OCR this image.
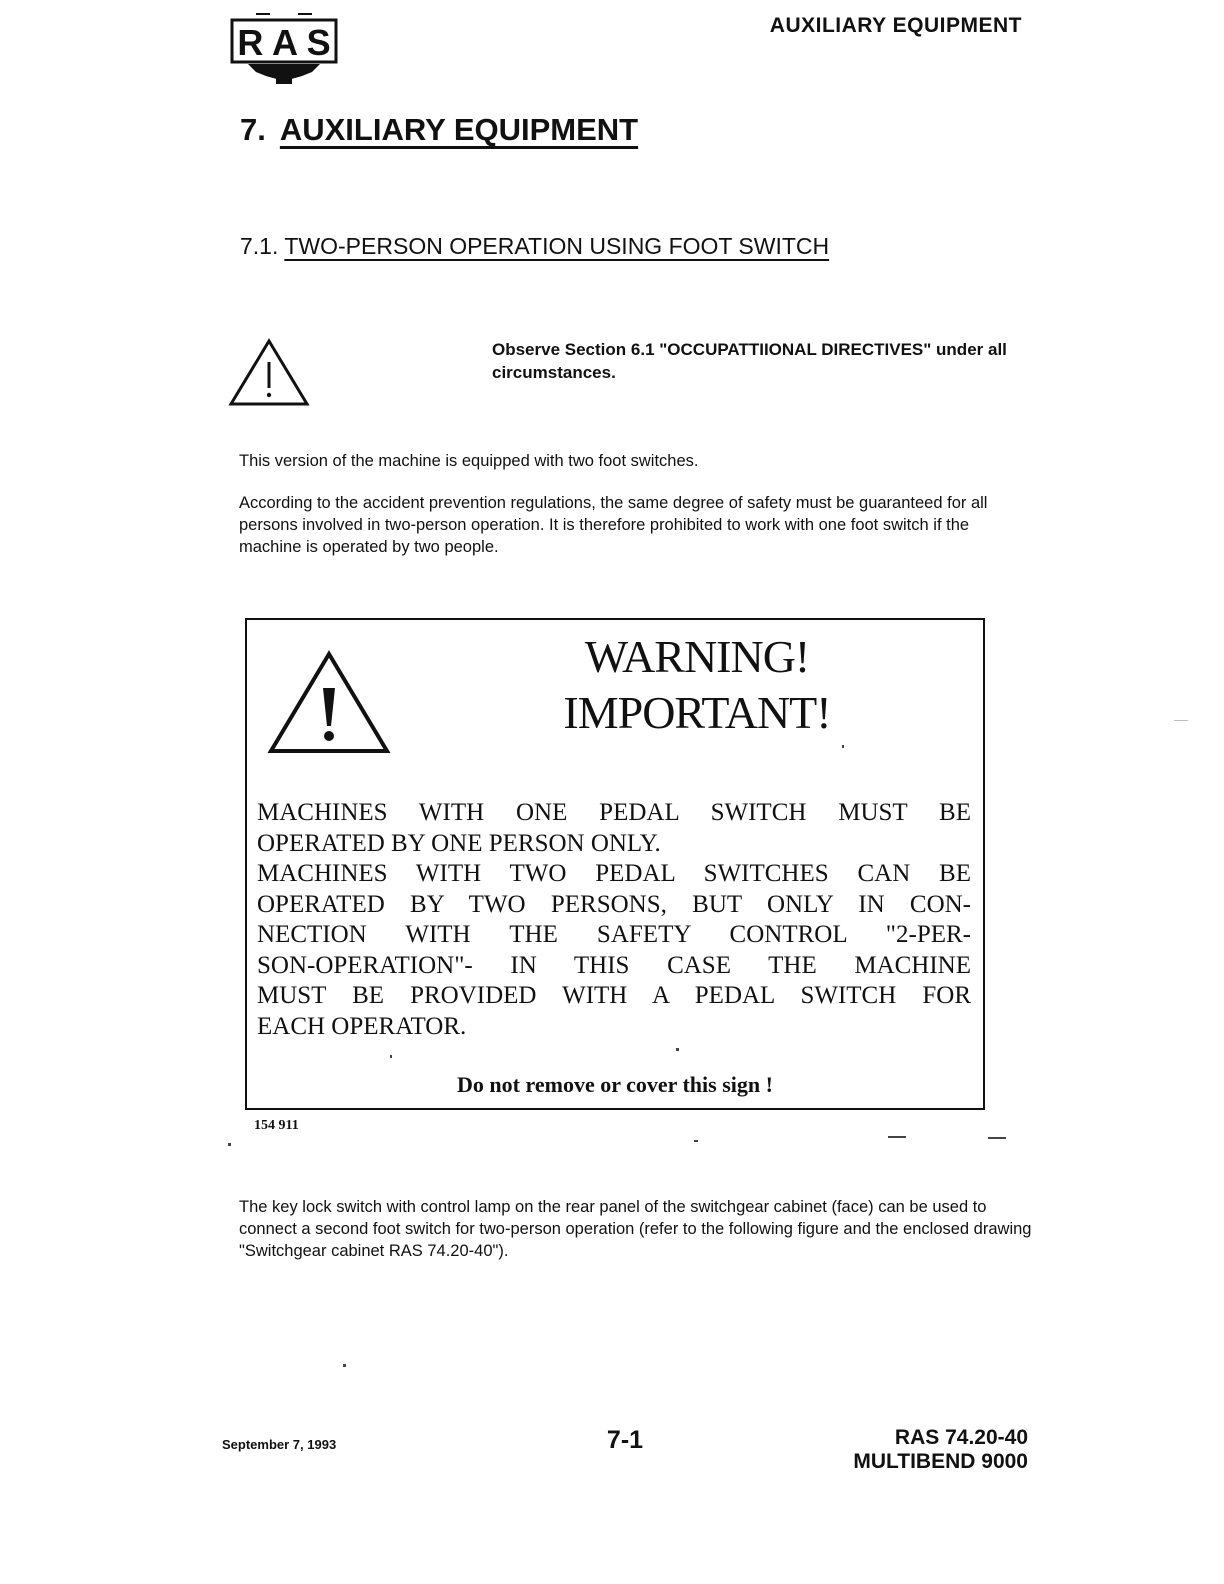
R A S	AUXILIARY EQUIPMENT
7. AUXILIARY EQUIPMENT
7.1. TWO-PERSON OPERATION USING FOOT SWITCH
Observe Section 6.1 "OCCUPATTIIONAL DIRECTIVES" under all circumstances.
This version of the machine is equipped with two foot switches.
According to the accident prevention regulations, the same degree of safety must be guaranteed for all persons involved in two-person operation. It is therefore prohibited to work with one foot switch if the machine is operated by two people.
WARNING!
IMPORTANT!
MACHINES WITH ONE PEDAL SWITCH MUST BE
OPERATED BY ONE PERSON ONLY.
MACHINES WITH TWO PEDAL SWITCHES CAN BE
OPERATED BY TWO PERSONS, BUT ONLY IN CON-
NECTION WITH THE SAFETY CONTROL "2-PER-
SON-OPERATION"- IN THIS CASE THE MACHINE
MUST BE PROVIDED WITH A PEDAL SWITCH FOR
EACH OPERATOR.
Do not remove or cover this sign !
154 911
The key lock switch with control lamp on the rear panel of the switchgear cabinet (face) can be used to connect a second foot switch for two-person operation (refer to the following figure and the enclosed drawing "Switchgear cabinet RAS 74.20-40").
September 7, 1993	7-1	RAS 74.20-40
MULTIBEND 9000
